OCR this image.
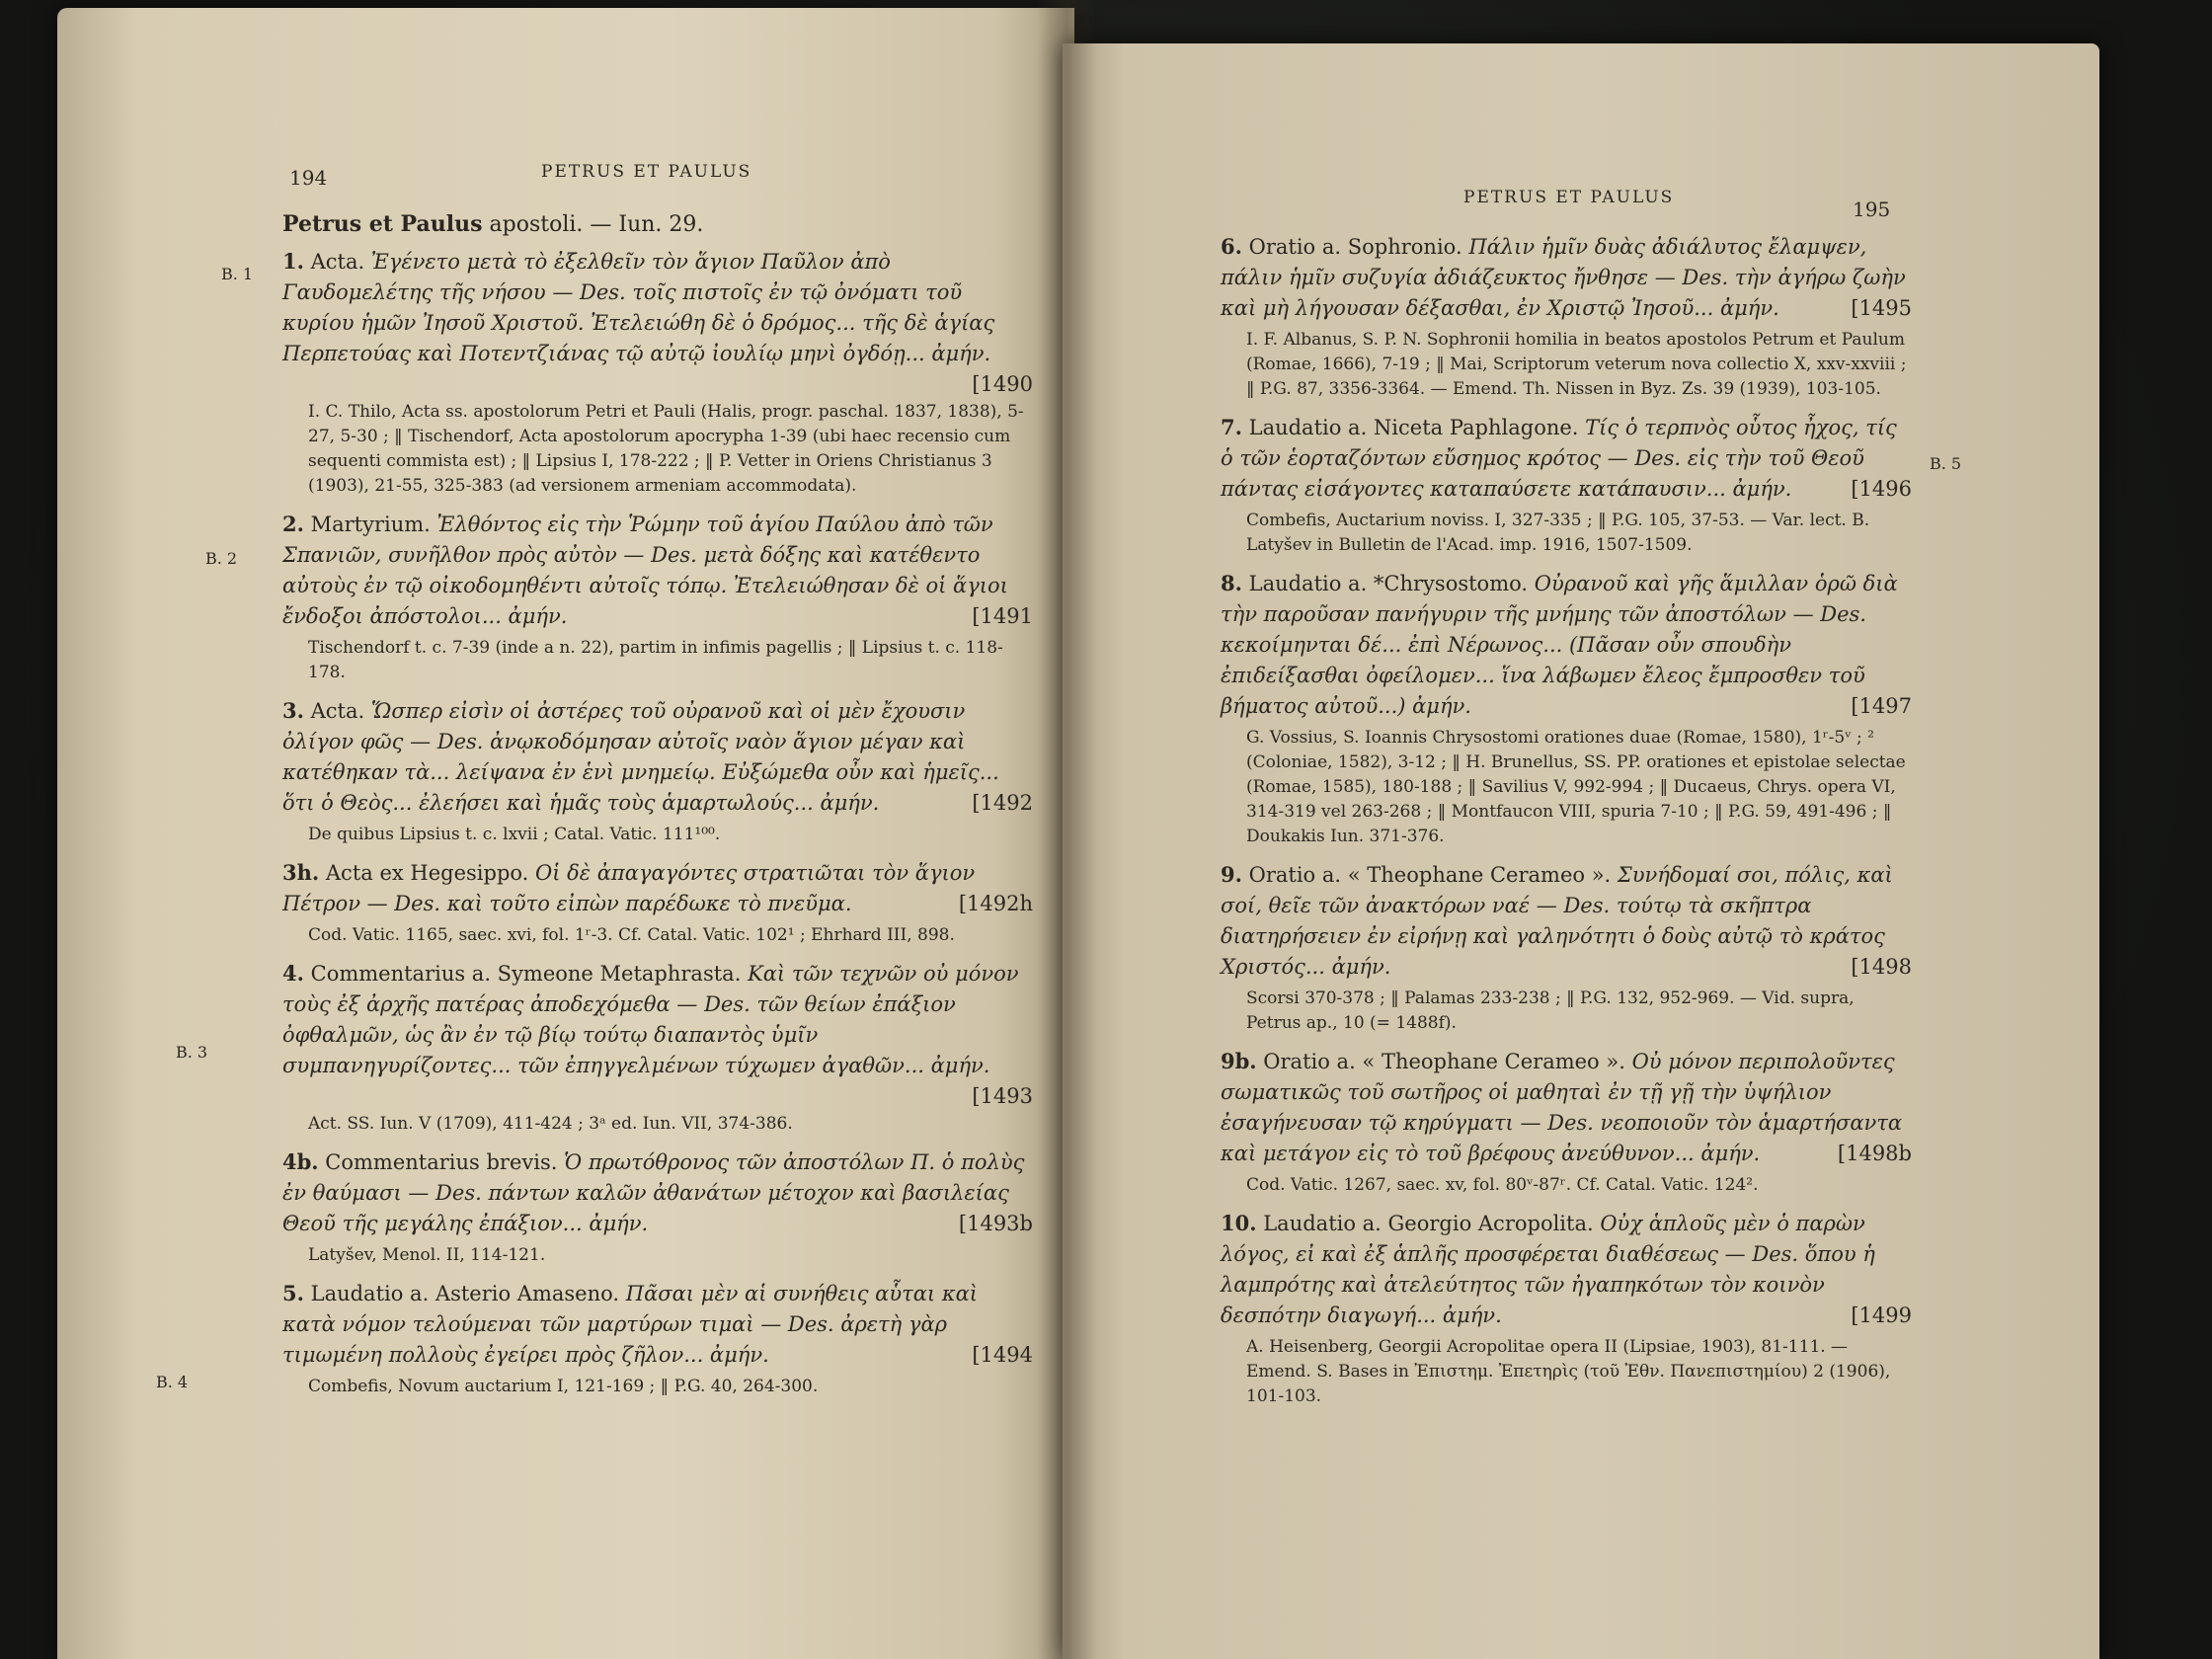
194	PETRUS ET PAULUS
B. 1
B. 2
B. 3
B. 4
Petrus et Paulus apostoli. — Iun. 29.
1. Acta. Ἐγένετο μετὰ τὸ ἐξελθεῖν τὸν ἅγιον Παῦλον ἀπὸ Γαυδομελέτης τῆς νήσου — Des. τοῖς πιστοῖς ἐν τῷ ὀνόματι τοῦ κυρίου ἡμῶν Ἰησοῦ Χριστοῦ. Ἐτελειώθη δὲ ὁ δρόμος... τῆς δὲ ἁγίας Περπετούας καὶ Ποτεντζιάνας τῷ αὐτῷ ἰουλίῳ μηνὶ ὀγδόῃ... ἀμήν.
[1490
I. C. Thilo, Acta ss. apostolorum Petri et Pauli (Halis, progr. paschal. 1837, 1838), 5-27, 5-30 ; ‖ Tischendorf, Acta apostolorum apocrypha 1-39 (ubi haec recensio cum sequenti commista est) ; ‖ Lipsius I, 178-222 ; ‖ P. Vetter in Oriens Christianus 3 (1903), 21-55, 325-383 (ad versionem armeniam accommodata).
2. Martyrium. Ἐλθόντος εἰς τὴν Ῥώμην τοῦ ἁγίου Παύλου ἀπὸ τῶν Σπανιῶν, συνῆλθον πρὸς αὐτὸν — Des. μετὰ δόξης καὶ κατέθεντο αὐτοὺς ἐν τῷ οἰκοδομηθέντι αὐτοῖς τόπῳ. Ἐτελειώθησαν δὲ οἱ ἅγιοι ἔνδοξοι ἀπόστολοι... ἀμήν.	[1491
Tischendorf t. c. 7-39 (inde a n. 22), partim in infimis pagellis ; ‖ Lipsius t. c. 118-178.
3. Acta. Ὥσπερ εἰσὶν οἱ ἀστέρες τοῦ οὐρανοῦ καὶ οἱ μὲν ἔχουσιν ὀλίγον φῶς — Des. ἀνῳκοδόμησαν αὐτοῖς ναὸν ἅγιον μέγαν καὶ κατέθηκαν τὰ... λείψανα ἐν ἑνὶ μνημείῳ. Εὐξώμεθα οὖν καὶ ἡμεῖς... ὅτι ὁ Θεὸς... ἐλεήσει καὶ ἡμᾶς τοὺς ἁμαρτωλούς... ἀμήν.	[1492
De quibus Lipsius t. c. lxvii ; Catal. Vatic. 111¹⁰⁰.
3h. Acta ex Hegesippo. Οἱ δὲ ἀπαγαγόντες στρατιῶται τὸν ἅγιον Πέτρον — Des. καὶ τοῦτο εἰπὼν παρέδωκε τὸ πνεῦμα.	[1492h
Cod. Vatic. 1165, saec. xvi, fol. 1ʳ-3. Cf. Catal. Vatic. 102¹ ; Ehrhard III, 898.
4. Commentarius a. Symeone Metaphrasta. Καὶ τῶν τεχνῶν οὐ μόνον τοὺς ἐξ ἀρχῆς πατέρας ἀποδεχόμεθα — Des. τῶν θείων ἐπάξιον ὀφθαλμῶν, ὡς ἂν ἐν τῷ βίῳ τούτῳ διαπαντὸς ὑμῖν συμπανηγυρίζοντες... τῶν ἐπηγγελμένων τύχωμεν ἀγαθῶν... ἀμήν.
[1493
Act. SS. Iun. V (1709), 411-424 ; 3ᵃ ed. Iun. VII, 374-386.
4b. Commentarius brevis. Ὁ πρωτόθρονος τῶν ἀποστόλων Π. ὁ πολὺς ἐν θαύμασι — Des. πάντων καλῶν ἀθανάτων μέτοχον καὶ βασιλείας Θεοῦ τῆς μεγάλης ἐπάξιον... ἀμήν.	[1493b
Latyšev, Menol. II, 114-121.
5. Laudatio a. Asterio Amaseno. Πᾶσαι μὲν αἱ συνήθεις αὗται καὶ κατὰ νόμον τελούμεναι τῶν μαρτύρων τιμαὶ — Des. ἀρετὴ γὰρ τιμωμένη πολλοὺς ἐγείρει πρὸς ζῆλον... ἀμήν.	[1494
Combefis, Novum auctarium I, 121-169 ; ‖ P.G. 40, 264-300.
PETRUS ET PAULUS	195
B. 5
6. Oratio a. Sophronio. Πάλιν ἡμῖν δυὰς ἀδιάλυτος ἔλαμψεν, πάλιν ἡμῖν συζυγία ἀδιάζευκτος ἤνθησε — Des. τὴν ἀγήρω ζωὴν καὶ μὴ λήγουσαν δέξασθαι, ἐν Χριστῷ Ἰησοῦ... ἀμήν.	[1495
I. F. Albanus, S. P. N. Sophronii homilia in beatos apostolos Petrum et Paulum (Romae, 1666), 7-19 ; ‖ Mai, Scriptorum veterum nova collectio X, xxv-xxviii ; ‖ P.G. 87, 3356-3364. — Emend. Th. Nissen in Byz. Zs. 39 (1939), 103-105.
7. Laudatio a. Niceta Paphlagone. Τίς ὁ τερπνὸς οὗτος ἦχος, τίς ὁ τῶν ἑορταζόντων εὔσημος κρότος — Des. εἰς τὴν τοῦ Θεοῦ πάντας εἰσάγοντες καταπαύσετε κατάπαυσιν... ἀμήν.	[1496
Combefis, Auctarium noviss. I, 327-335 ; ‖ P.G. 105, 37-53. — Var. lect. B. Latyšev in Bulletin de l'Acad. imp. 1916, 1507-1509.
8. Laudatio a. *Chrysostomo. Οὐρανοῦ καὶ γῆς ἅμιλλαν ὁρῶ διὰ τὴν παροῦσαν πανήγυριν τῆς μνήμης τῶν ἀποστόλων — Des. κεκοίμηνται δέ... ἐπὶ Νέρωνος... (Πᾶσαν οὖν σπουδὴν ἐπιδείξασθαι ὀφείλομεν... ἵνα λάβωμεν ἔλεος ἔμπροσθεν τοῦ βήματος αὐτοῦ...) ἀμήν.	[1497
G. Vossius, S. Ioannis Chrysostomi orationes duae (Romae, 1580), 1ʳ-5ᵛ ; ² (Coloniae, 1582), 3-12 ; ‖ H. Brunellus, SS. PP. orationes et epistolae selectae (Romae, 1585), 180-188 ; ‖ Savilius V, 992-994 ; ‖ Ducaeus, Chrys. opera VI, 314-319 vel 263-268 ; ‖ Montfaucon VIII, spuria 7-10 ; ‖ P.G. 59, 491-496 ; ‖ Doukakis Iun. 371-376.
9. Oratio a. « Theophane Cerameo ». Συνήδομαί σοι, πόλις, καὶ σοί, θεῖε τῶν ἀνακτόρων ναέ — Des. τούτῳ τὰ σκῆπτρα διατηρήσειεν ἐν εἰρήνῃ καὶ γαληνότητι ὁ δοὺς αὐτῷ τὸ κράτος Χριστός... ἀμήν.	[1498
Scorsi 370-378 ; ‖ Palamas 233-238 ; ‖ P.G. 132, 952-969. — Vid. supra, Petrus ap., 10 (= 1488f).
9b. Oratio a. « Theophane Cerameo ». Οὐ μόνον περιπολοῦντες σωματικῶς τοῦ σωτῆρος οἱ μαθηταὶ ἐν τῇ γῇ τὴν ὑψήλιον ἐσαγήνευσαν τῷ κηρύγματι — Des. νεοποιοῦν τὸν ἁμαρτήσαντα καὶ μετάγον εἰς τὸ τοῦ βρέφους ἀνεύθυνον... ἀμήν.	[1498b
Cod. Vatic. 1267, saec. xv, fol. 80ᵛ-87ʳ. Cf. Catal. Vatic. 124².
10. Laudatio a. Georgio Acropolita. Οὐχ ἁπλοῦς μὲν ὁ παρὼν λόγος, εἰ καὶ ἐξ ἁπλῆς προσφέρεται διαθέσεως — Des. ὅπου ἡ λαμπρότης καὶ ἀτελεύτητος τῶν ἠγαπηκότων τὸν κοινὸν δεσπότην διαγωγή... ἀμήν.	[1499
A. Heisenberg, Georgii Acropolitae opera II (Lipsiae, 1903), 81-111. — Emend. S. Bases in Ἐπιστημ. Ἐπετηρὶς (τοῦ Ἐθν. Πανεπιστημίου) 2 (1906), 101-103.
